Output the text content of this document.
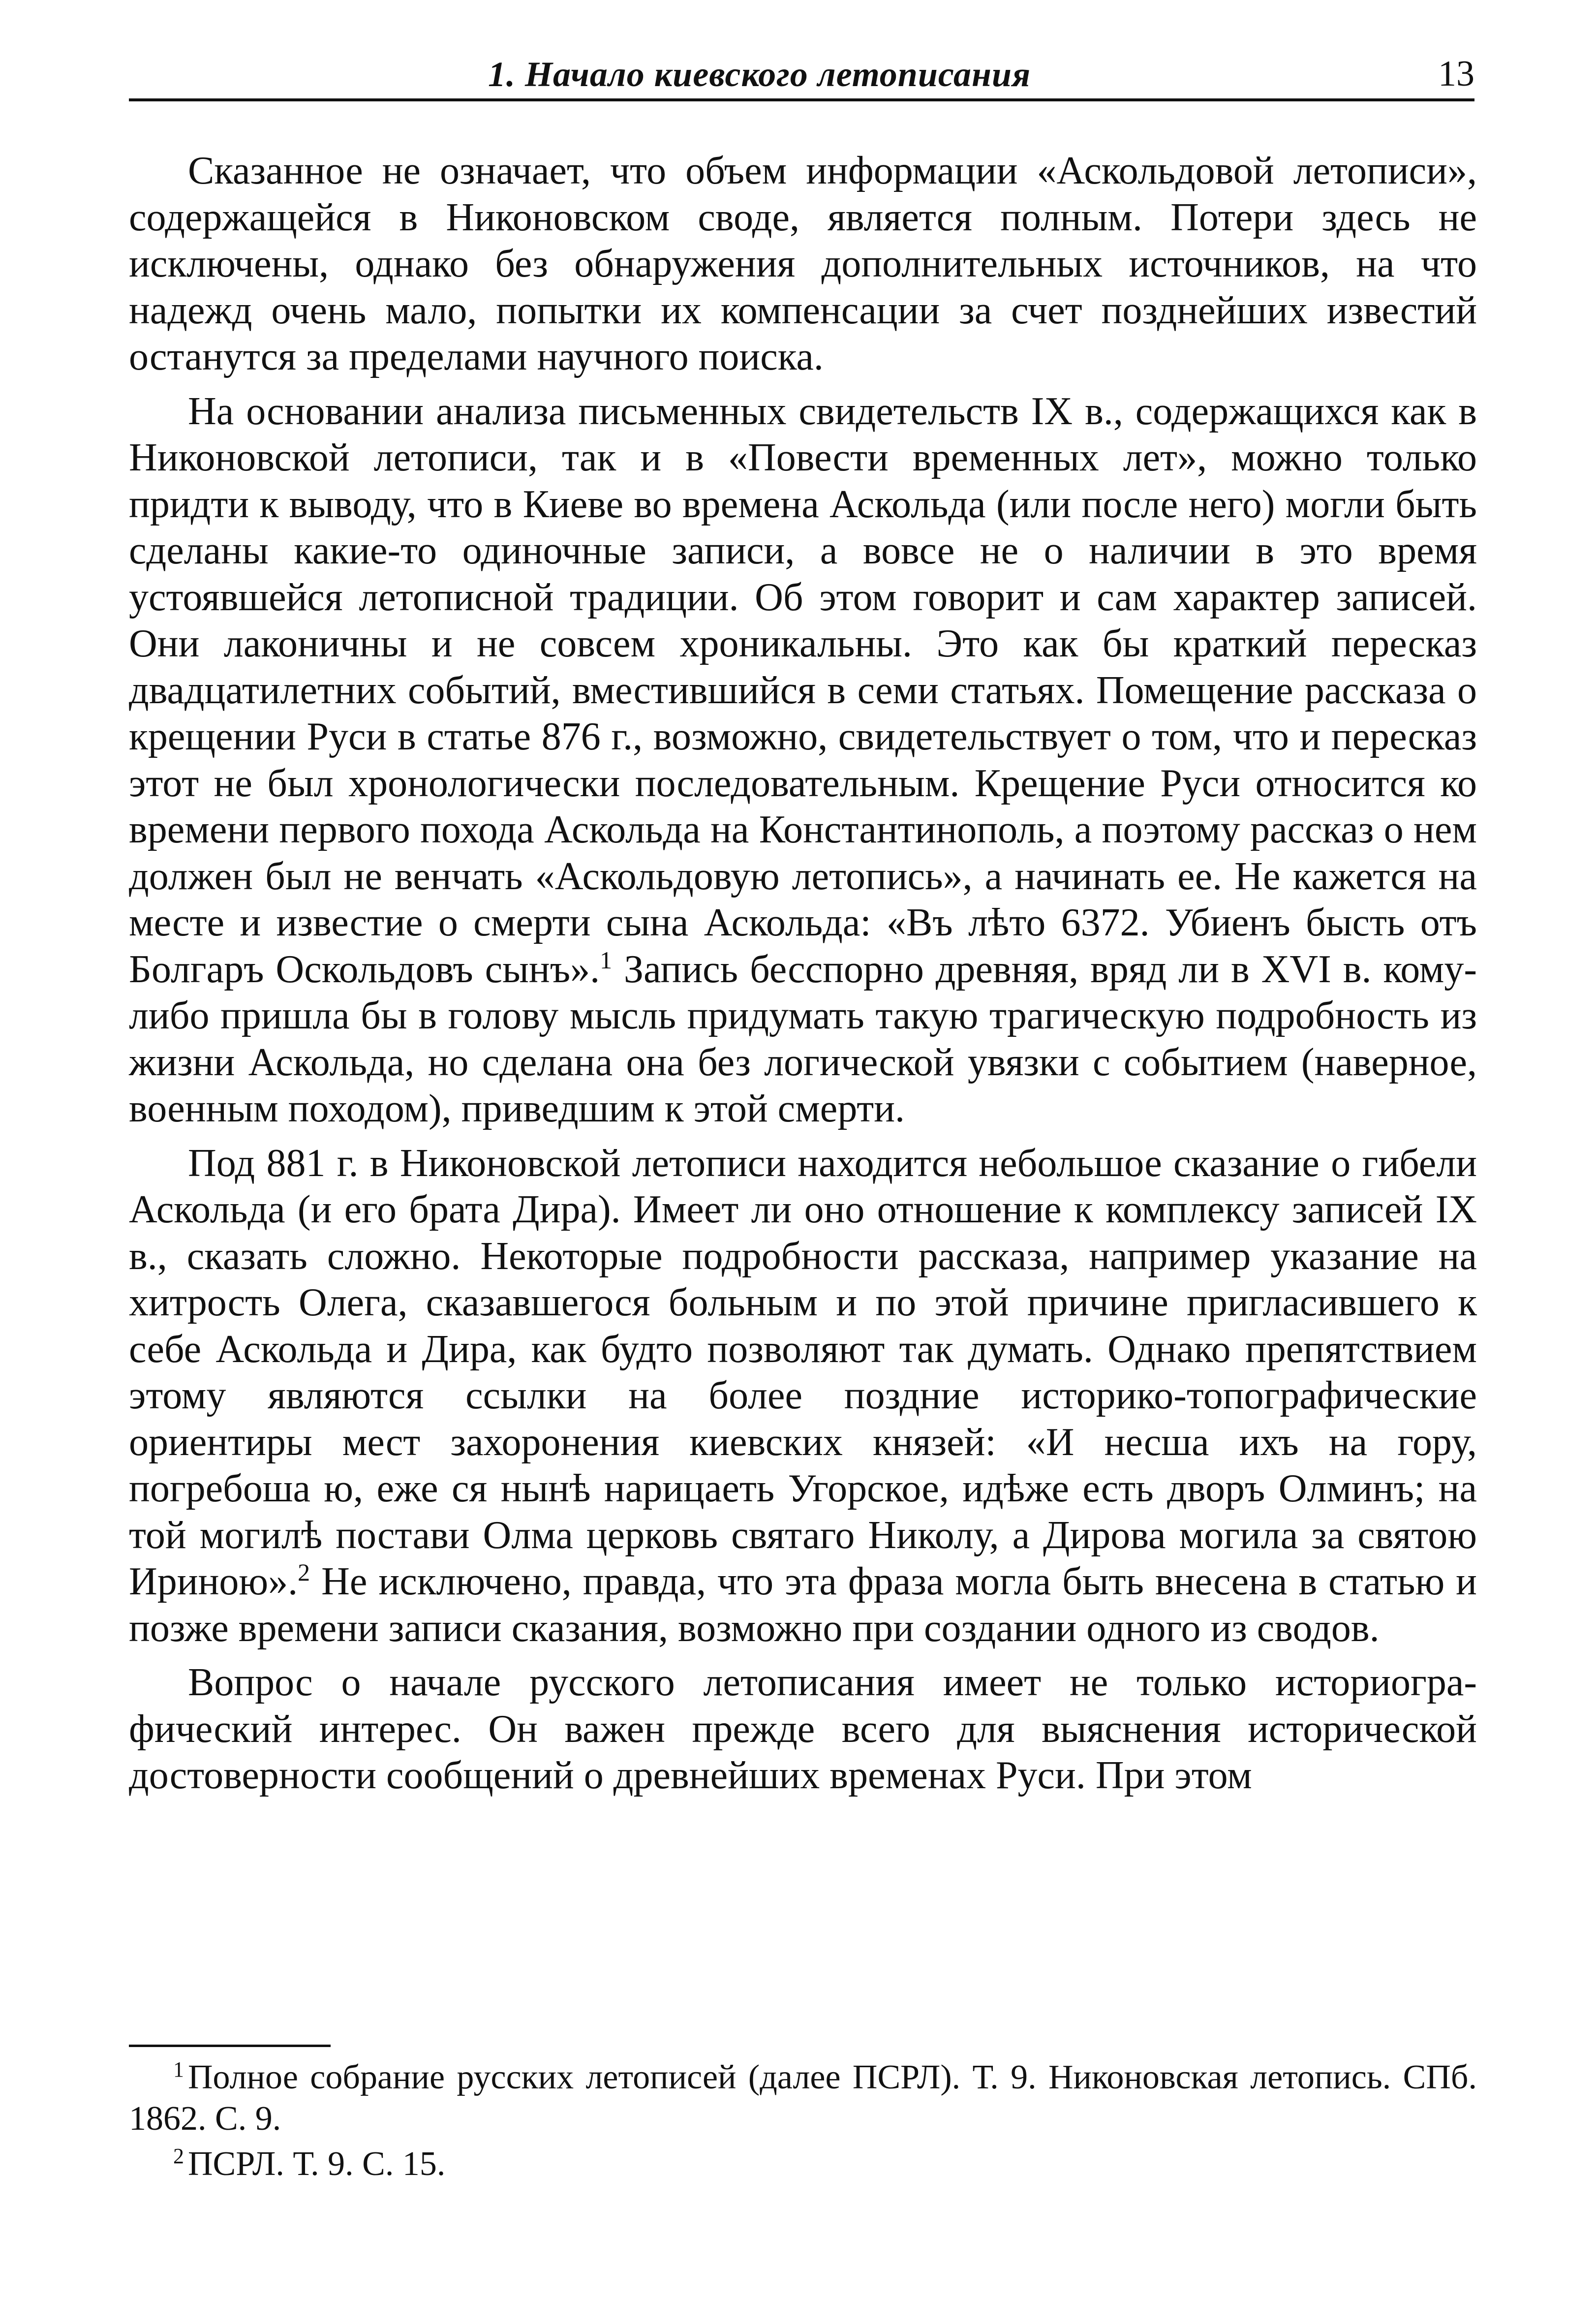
1. Начало киевского летописания	13

Сказанное не означает, что объем информации «Аскольдовой летописи», содержащейся в Никоновском своде, является полным. Потери здесь не исключены, однако без обнаружения дополнительных источников, на что надежд очень мало, попытки их компенсации за счет позднейших известий останутся за пределами научного поиска.

На основании анализа письменных свидетельств IX в., содержащихся как в Никоновской летописи, так и в «Повести временных лет», можно только придти к выводу, что в Киеве во времена Аскольда (или после него) могли быть сделаны какие-то одиночные записи, а вовсе не о наличии в это время устоявшейся летописной традиции. Об этом говорит и сам характер записей. Они лаконичны и не совсем хроникальны. Это как бы краткий пересказ двадцатилетних событий, вместившийся в семи статьях. Помещение рассказа о крещении Руси в статье 876 г., возможно, свидетельствует о том, что и пересказ этот не был хронологически последовательным. Крещение Руси относится ко времени первого похода Аскольда на Константинополь, а поэтому рассказ о нем должен был не венчать «Аскольдовую летопись», а начинать ее. Не кажется на месте и известие о смерти сына Аскольда: «Въ лѣто 6372. Убиенъ бысть отъ Болгаръ Оскольдовъ сынъ».$^1$ Запись бесспорно древняя, вряд ли в XVI в. кому-либо пришла бы в голову мысль придумать такую трагическую подробность из жизни Аскольда, но сделана она без логической увязки с событием (наверное, военным походом), приведшим к этой смерти.

Под 881 г. в Никоновской летописи находится небольшое сказание о гибели Аскольда (и его брата Дира). Имеет ли оно отношение к комплексу записей IX в., сказать сложно. Некоторые подробности рассказа, например указание на хитрость Олега, сказавшегося больным и по этой причине пригласившего к себе Аскольда и Дира, как будто позволяют так думать. Однако препятствием этому являются ссылки на более поздние историко-топографические ориентиры мест захоронения киевских князей: «И несша ихъ на гору, погребоша ю, еже ся нынѣ нарицаеть Угорское, идѣже есть дворъ Олминъ; на той могилѣ постави Олма церковь святаго Николу, а Дирова могила за святою Ириною».$^2$ Не исключено, правда, что эта фраза могла быть внесена в статью и позже времени записи сказания, возможно при создании одного из сводов.

Вопрос о начале русского летописания имеет не только историографический интерес. Он важен прежде всего для выяснения исторической достоверности сообщений о древнейших временах Руси. При этом

$^1$ Полное собрание русских летописей (далее ПСРЛ). Т. 9. Никоновская летопись. СПб. 1862. С. 9.

$^2$ ПСРЛ. Т. 9. С. 15.
